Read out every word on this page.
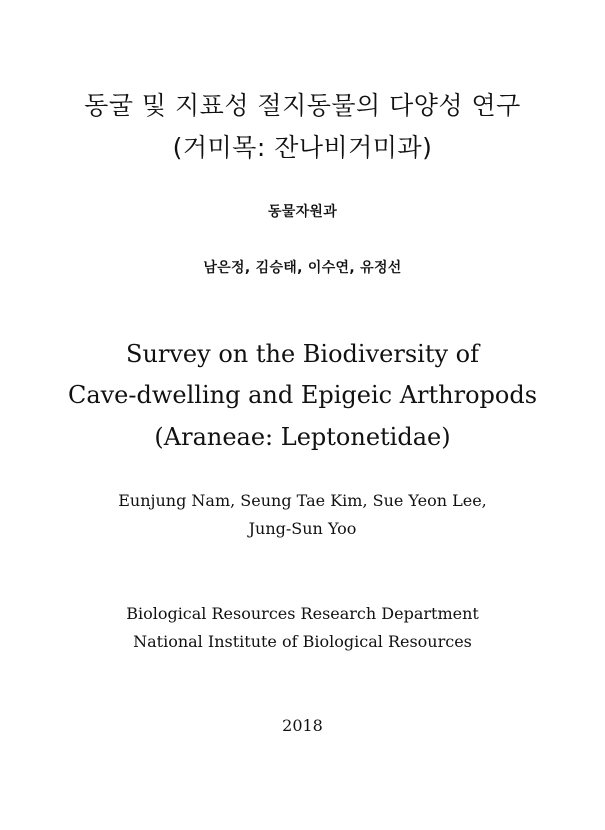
동굴 및 지표성 절지동물의 다양성 연구
(거미목: 잔나비거미과)
동물자원과
남은정, 김승태, 이수연, 유정선
Survey on the Biodiversity of
Cave-dwelling and Epigeic Arthropods
(Araneae: Leptonetidae)
Eunjung Nam, Seung Tae Kim, Sue Yeon Lee,
Jung-Sun Yoo
Biological Resources Research Department
National Institute of Biological Resources
2018
